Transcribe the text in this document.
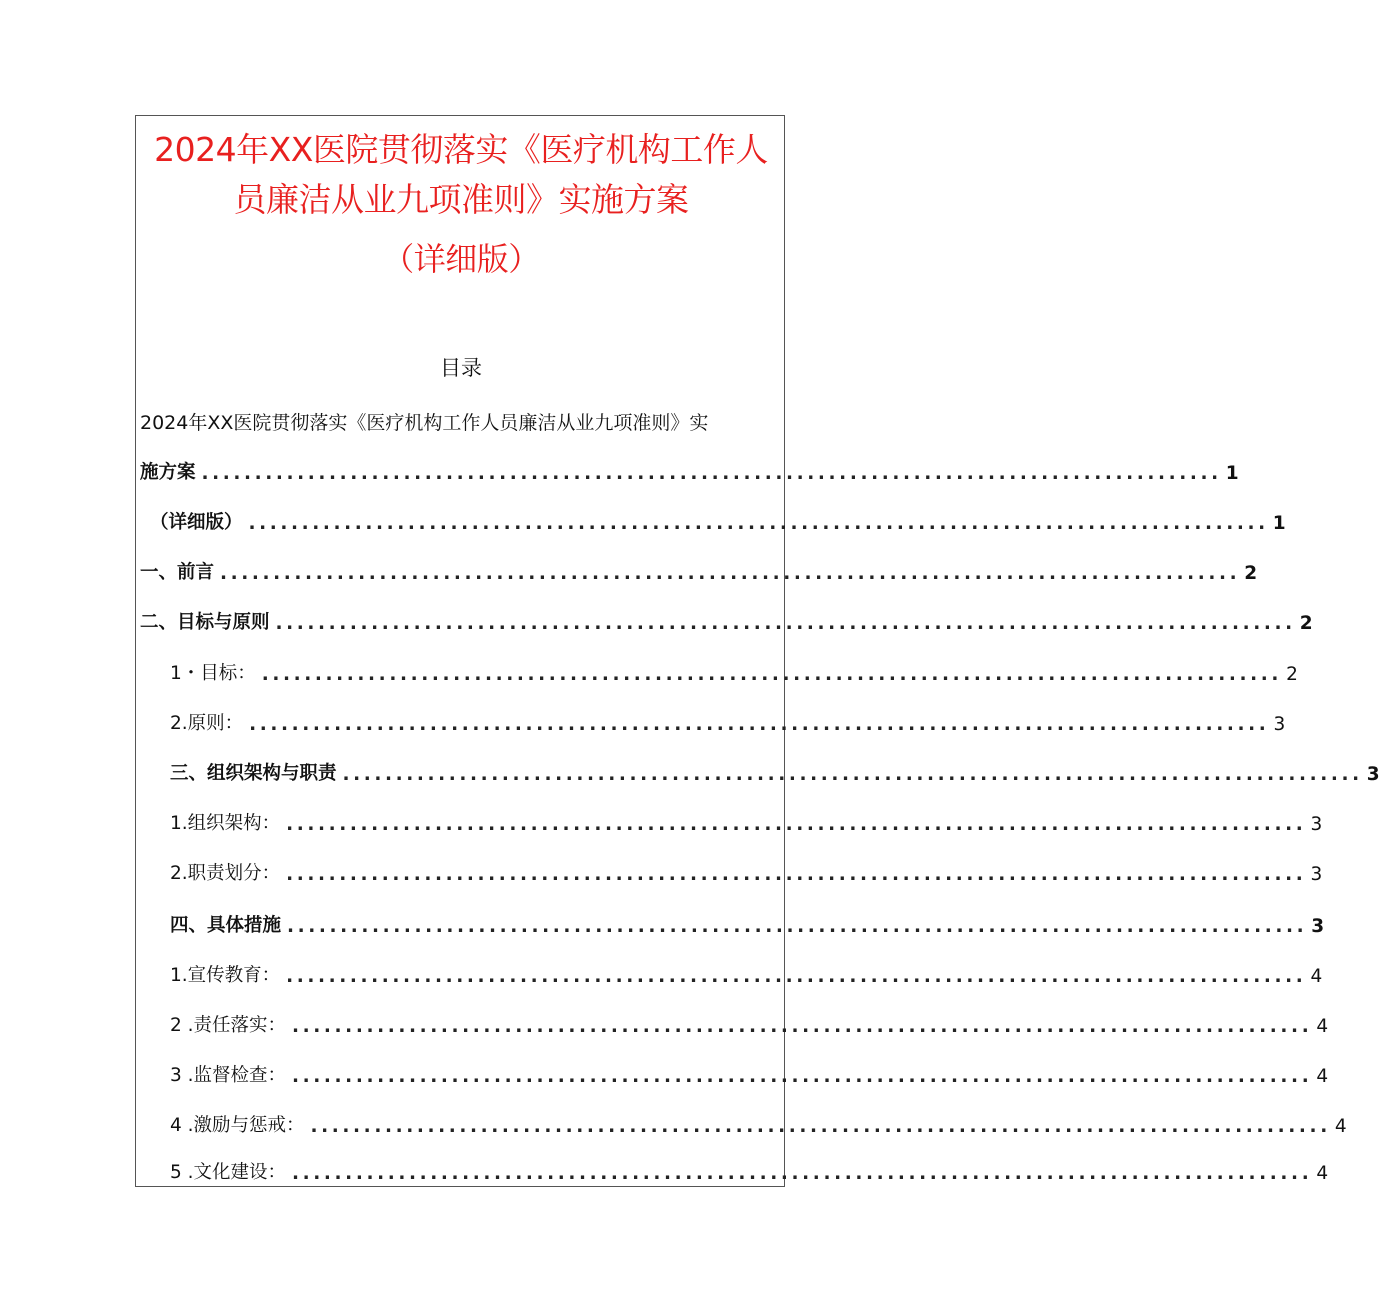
2024年XX医院贯彻落实《医疗机构工作人
员廉洁从业九项准则》实施方案
（详细版）
目录
2024年XX医院贯彻落实《医疗机构工作人员廉洁从业九项准则》实
施方案 ................................................................................................ 1
（详细版） ................................................................................................ 1
一、前言 ................................................................................................ 2
二、目标与原则 ................................................................................................ 2
1・目标： ................................................................................................ 2
2.原则： ................................................................................................ 3
三、组织架构与职责 ................................................................................................ 3
1.组织架构： ................................................................................................ 3
2.职责划分： ................................................................................................ 3
四、具体措施 ................................................................................................ 3
1.宣传教育： ................................................................................................ 4
2 .责任落实： ................................................................................................ 4
3 .监督检查： ................................................................................................ 4
4 .激励与惩戒： ................................................................................................ 4
5 .文化建设： ................................................................................................ 4
